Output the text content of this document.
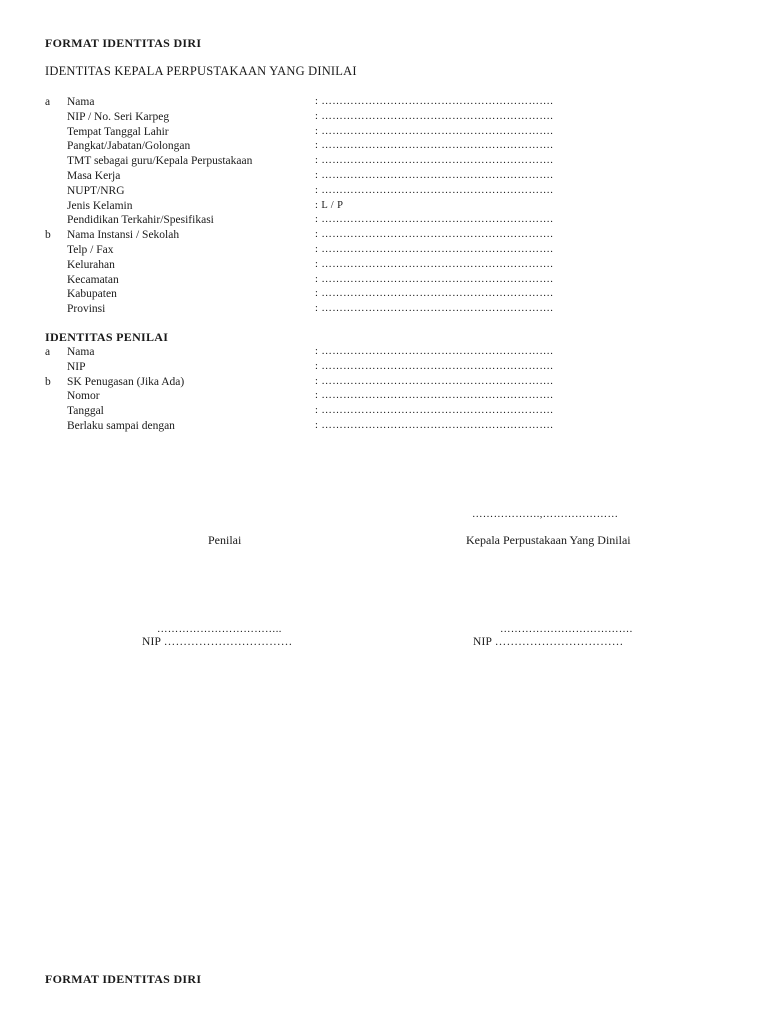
FORMAT IDENTITAS DIRI
IDENTITAS KEPALA PERPUSTAKAAN YANG DINILAI
a Nama	: ……………………………………………………….
NIP / No. Seri Karpeg	: ……………………………………………………….
Tempat Tanggal Lahir	: ……………………………………………………….
Pangkat/Jabatan/Golongan	: ……………………………………………………….
TMT sebagai guru/Kepala Perpustakaan	: ……………………………………………………….
Masa Kerja	: ……………………………………………………….
NUPT/NRG	: ……………………………………………………….
Jenis Kelamin	: L / P
Pendidikan Terkahir/Spesifikasi	: ……………………………………………………….
b Nama Instansi / Sekolah	: ……………………………………………………….
Telp / Fax	: ……………………………………………………….
Kelurahan	: ……………………………………………………….
Kecamatan	: ……………………………………………………….
Kabupaten	: ……………………………………………………….
Provinsi	: ……………………………………………………….
IDENTITAS PENILAI
a Nama	: ……………………………………………………….
NIP	: ……………………………………………………….
b SK Penugasan (Jika Ada)	: ……………………………………………………….
Nomor	: ……………………………………………………….
Tanggal	: ……………………………………………………….
Berlaku sampai dengan	: ……………………………………………………….
……………….,…………………
Penilai	Kepala Perpustakaan Yang Dinilai
……………………………..	……………………………….
NIP ……………………………	NIP ……………………………
FORMAT IDENTITAS DIRI
